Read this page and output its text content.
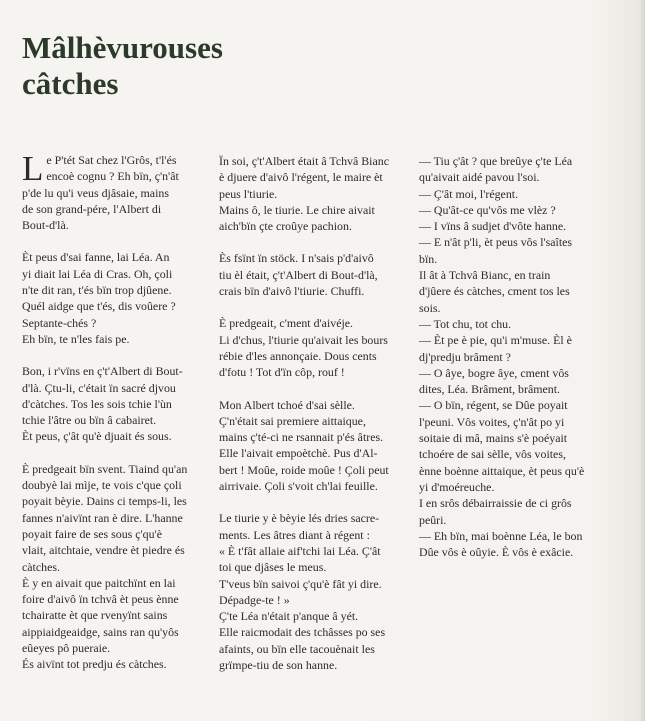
Mâlhèvurouses
câtches
L e P'tét Sat chez l'Grôs, t'l'és
encoè cognu ? Eh bïn, ç'n'ât
p'de lu qu'i veus djâsaie, mains
de son grand-pére, l'Albert di
Bout-d'là.
Èt peus d'sai fanne, lai Léa. An
yi diait lai Léa di Cras. Oh, çoli
n'te dit ran, t'és bïn trop djûene.
Quél aidge que t'és, dis voûere ?
Septante-chés ?
Eh bïn, te n'les fais pe.
Bon, i r'vïns en ç't'Albert di Bout-
d'là. Çtu-li, c'était ïn sacré djvou
d'càtches. Tos les sois tchie l'ùn
tchie l'âtre ou bïn â cabairet.
Èt peus, ç'ât qu'è djuait és sous.
È predgeait bïn svent. Tiaind qu'an
doubyè lai mìje, te vois c'que çoli
poyait bèyie. Dains ci temps-li, les
fannes n'aivïnt ran è dire. L'hanne
poyait faire de ses sous ç'qu'è
vlait, aitchtaie, vendre èt piedre és
càtches.
È y en aivait que paitchïnt en lai
foire d'aivô ïn tchvâ èt peus ènne
tchairatte èt que rvenyïnt sains
aippiaidgeaidge, sains ran qu'yôs
eûeyes pô pueraie.
És aivïnt tot predju és càtches.
Ïn soi, ç't'Albert était â Tchvâ Bianc
è djuere d'aivô l'régent, le maire èt
peus l'tiurie.
Mains ô, le tiurie. Le chire aivait
aich'bïn çte croûye pachion.
Ès fsïnt ïn stöck. I n'sais p'd'aivô
tiu èl était, ç't'Albert di Bout-d'là,
crais bïn d'aivô l'tiurie. Chuffi.
È predgeait, c'ment d'aivéje.
Li d'chus, l'tiurie qu'aivait les bours
rébie d'les annonçaie. Dous cents
d'fotu ! Tot d'ïn côp, rouf !
Mon Albert tchoé d'sai sèlle.
Ç'n'était sai premiere aittaique,
mains ç'té-ci ne rsannait p'és âtres.
Elle l'aivait empoètchè. Pus d'Al-
bert ! Moûe, roide moûe ! Çoli peut
airrivaie. Çoli s'voit ch'lai feuille.
Le tiurie y è bèyie lés dries sacre-
ments. Les âtres diant à régent :
« È t'fât allaie aif'tchi lai Léa. Ç'ât
toi que djâses le meus.
T'veus bïn saivoi ç'qu'è fât yi dire.
Dépadge-te ! »
Ç'te Léa n'était p'anque â yét.
Elle raicmodait des tchâsses po ses
afaints, ou bïn elle tacouènait les
grïmpe-tiu de son hanne.
— Tiu ç'ât ? que breûye ç'te Léa
qu'aivait aidé pavou l'soi.
— Ç'ât moi, l'régent.
— Qu'ât-ce qu'vôs me vlèz ?
— I vïns â sudjet d'vôte hanne.
— E n'ât p'li, èt peus vôs l'saîtes
bïn.
Il ât à Tchvâ Bianc, en train
d'jûere és càtches, cment tos les
sois.
— Tot chu, tot chu.
— Èt pe è pie, qu'i m'muse. Èl è
dj'predju brâment ?
— O âye, bogre âye, cment vôs
dites, Léa. Brâment, brâment.
— O bïn, régent, se Dûe poyait
l'peuni. Vôs voites, ç'n'ât po yi
soitaie di mâ, mains s'è poéyait
tchoére de sai sèlle, vôs voites,
ènne boènne aittaique, èt peus qu'è
yi d'moéreuche.
I en srôs débairraissie de ci grôs
peûri.
— Eh bïn, mai boènne Léa, le bon
Dûe vôs è oûyie. È vôs è exâcie.
